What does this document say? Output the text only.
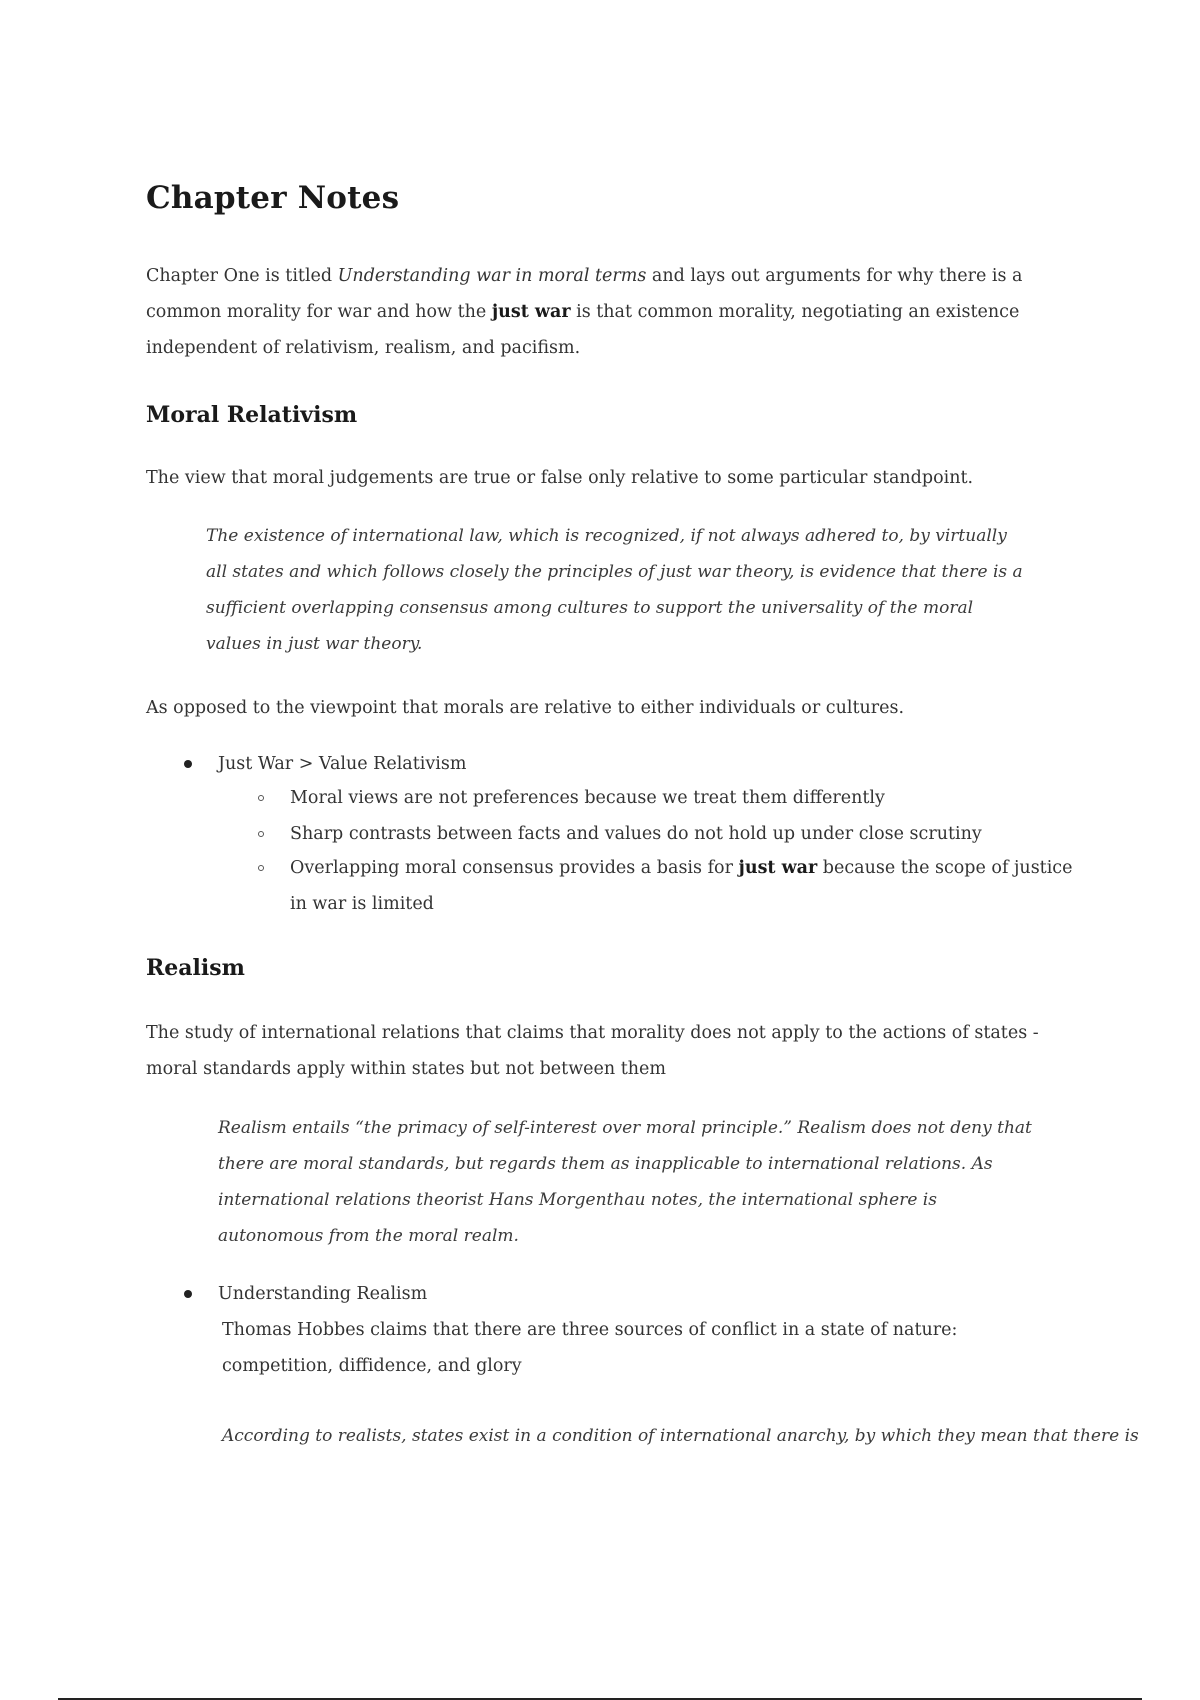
Chapter Notes

Chapter One is titled Understanding war in moral terms and lays out arguments for why there is a common morality for war and how the just war is that common morality, negotiating an existence independent of relativism, realism, and pacifism.

Moral Relativism

The view that moral judgements are true or false only relative to some particular standpoint.

The existence of international law, which is recognized, if not always adhered to, by virtually all states and which follows closely the principles of just war theory, is evidence that there is a sufficient overlapping consensus among cultures to support the universality of the moral values in just war theory.

As opposed to the viewpoint that morals are relative to either individuals or cultures.

Just War > Value Relativism
Moral views are not preferences because we treat them differently
Sharp contrasts between facts and values do not hold up under close scrutiny
Overlapping moral consensus provides a basis for just war because the scope of justice in war is limited
Realism

The study of international relations that claims that morality does not apply to the actions of states - moral standards apply within states but not between them

Realism entails “the primacy of self-interest over moral principle.” Realism does not deny that there are moral standards, but regards them as inapplicable to international relations. As international relations theorist Hans Morgenthau notes, the international sphere is autonomous from the moral realm.

Understanding Realism
Thomas Hobbes claims that there are three sources of conflict in a state of nature: competition, diffidence, and glory

According to realists, states exist in a condition of international anarchy, by which they mean that there is
